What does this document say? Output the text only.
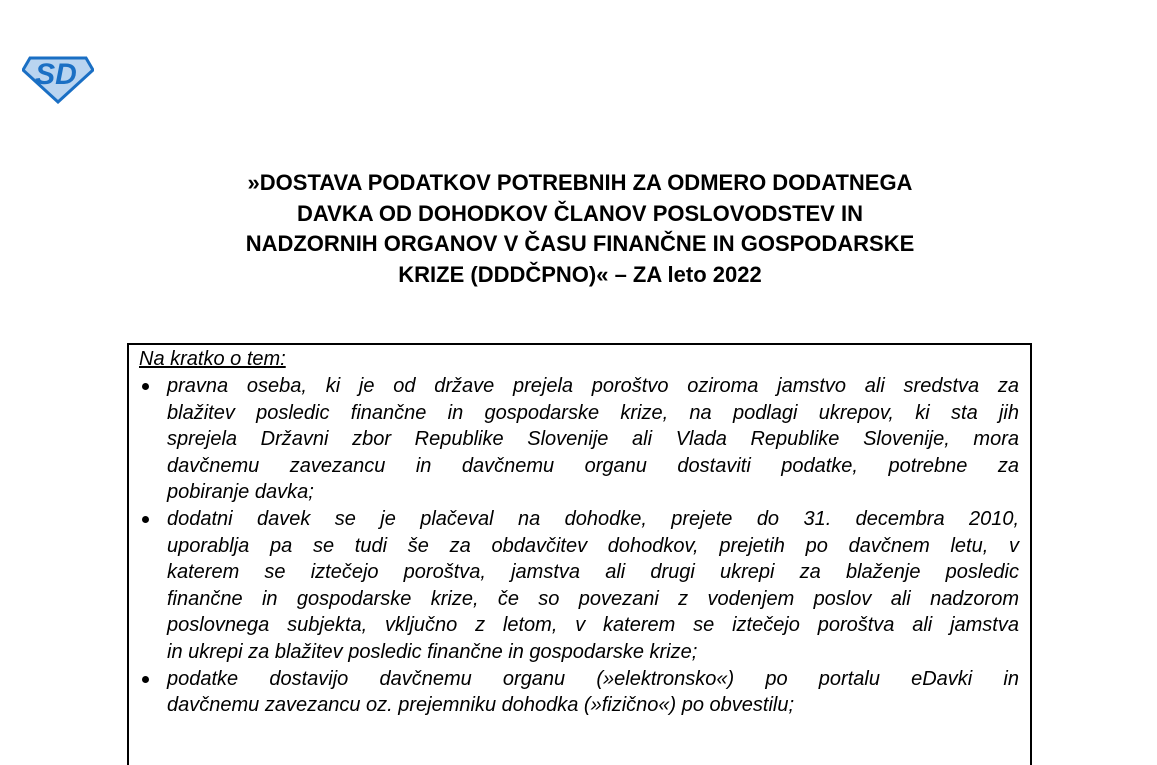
SD
»DOSTAVA PODATKOV POTREBNIH ZA ODMERO DODATNEGA
DAVKA OD DOHODKOV ČLANOV POSLOVODSTEV IN
NADZORNIH ORGANOV V ČASU FINANČNE IN GOSPODARSKE
KRIZE (DDDČPNO)« – ZA leto 2022
Na kratko o tem:
pravna oseba, ki je od države prejela poroštvo oziroma jamstvo ali sredstva za
blažitev posledic finančne in gospodarske krize, na podlagi ukrepov, ki sta jih
sprejela Državni zbor Republike Slovenije ali Vlada Republike Slovenije, mora
davčnemu zavezancu in davčnemu organu dostaviti podatke, potrebne za
pobiranje davka;
dodatni davek se je plačeval na dohodke, prejete do 31. decembra 2010,
uporablja pa se tudi še za obdavčitev dohodkov, prejetih po davčnem letu, v
katerem se iztečejo poroštva, jamstva ali drugi ukrepi za blaženje posledic
finančne in gospodarske krize, če so povezani z vodenjem poslov ali nadzorom
poslovnega subjekta, vključno z letom, v katerem se iztečejo poroštva ali jamstva
in ukrepi za blažitev posledic finančne in gospodarske krize;
podatke dostavijo davčnemu organu (»elektronsko«) po portalu eDavki in
davčnemu zavezancu oz. prejemniku dohodka (»fizično«) po obvestilu;
